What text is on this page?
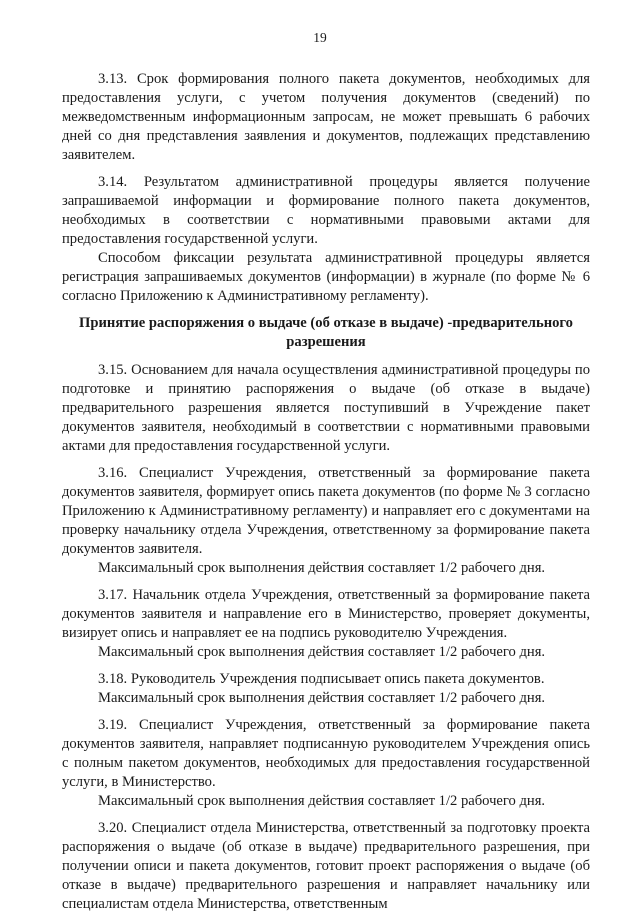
19

3.13. Срок формирования полного пакета документов, необходимых для предоставления услуги, с учетом получения документов (сведений) по межведомственным информационным запросам, не может превышать 6 рабочих дней со дня представления заявления и документов, подлежащих представлению заявителем.

3.14. Результатом административной процедуры является получение запрашиваемой информации и формирование полного пакета документов, необходимых в соответствии с нормативными правовыми актами для предоставления государственной услуги.

Способом фиксации результата административной процедуры является регистрация запрашиваемых документов (информации) в журнале (по форме № 6 согласно Приложению к Административному регламенту).

Принятие распоряжения о выдаче (об отказе в выдаче) -предварительного разрешения

3.15. Основанием для начала осуществления административной процедуры по подготовке и принятию распоряжения о выдаче (об отказе в выдаче) предварительного разрешения является поступивший в Учреждение пакет документов заявителя, необходимый в соответствии с нормативными правовыми актами для предоставления государственной услуги.

3.16. Специалист Учреждения, ответственный за формирование пакета документов заявителя, формирует опись пакета документов (по форме № 3 согласно Приложению к Административному регламенту) и направляет его с документами на проверку начальнику отдела Учреждения, ответственному за формирование пакета документов заявителя.

Максимальный срок выполнения действия составляет 1/2 рабочего дня.

3.17. Начальник отдела Учреждения, ответственный за формирование пакета документов заявителя и направление его в Министерство, проверяет документы, визирует опись и направляет ее на подпись руководителю Учреждения.

Максимальный срок выполнения действия составляет 1/2 рабочего дня.

3.18. Руководитель Учреждения подписывает опись пакета документов.

Максимальный срок выполнения действия составляет 1/2 рабочего дня.

3.19. Специалист Учреждения, ответственный за формирование пакета документов заявителя, направляет подписанную руководителем Учреждения опись с полным пакетом документов, необходимых для предоставления государственной услуги, в Министерство.

Максимальный срок выполнения действия составляет 1/2 рабочего дня.

3.20. Специалист отдела Министерства, ответственный за подготовку проекта распоряжения о выдаче (об отказе в выдаче) предварительного разрешения, при получении описи и пакета документов, готовит проект распоряжения о выдаче (об отказе в выдаче) предварительного разрешения и направляет начальнику или специалистам отдела Министерства, ответственным
